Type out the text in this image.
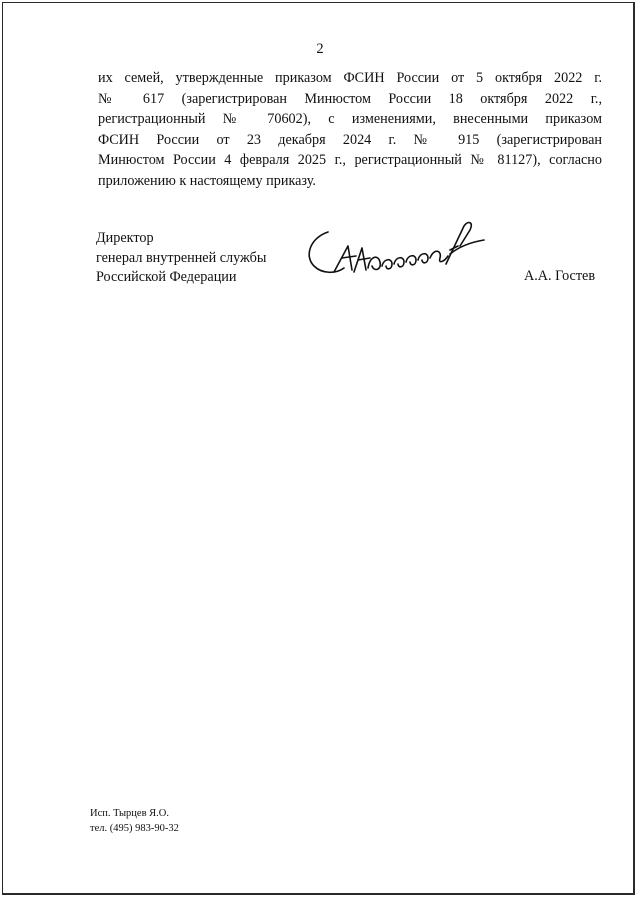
2
их семей, утвержденные приказом ФСИН России от 5 октября 2022 г.
№ 617 (зарегистрирован Минюстом России 18 октября 2022 г.,
регистрационный № 70602), с изменениями, внесенными приказом
ФСИН России от 23 декабря 2024 г. № 915 (зарегистрирован
Минюстом России 4 февраля 2025 г., регистрационный № 81127), согласно
приложению к настоящему приказу.
Директор
генерал внутренней службы
Российской Федерации	А.А. Гостев
Исп. Тырцев Я.О.
тел. (495) 983-90-32
